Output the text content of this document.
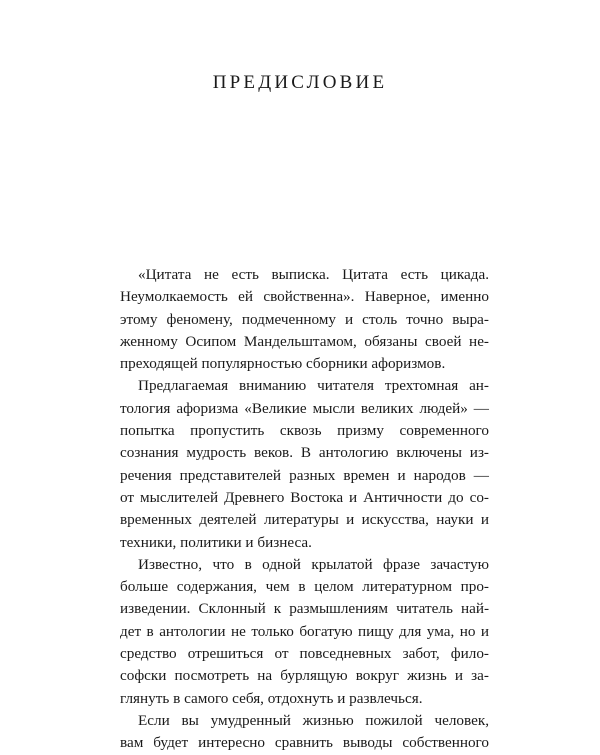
ПРЕДИСЛОВИЕ
«Цитата не есть выписка. Цитата есть цикада.
Неумолкаемость ей свойственна». Наверное, именно
этому феномену, подмеченному и столь точно выра-
женному Осипом Мандельштамом, обязаны своей не-
преходящей популярностью сборники афоризмов.
Предлагаемая вниманию читателя трехтомная ан-
тология афоризма «Великие мысли великих людей» —
попытка пропустить сквозь призму современного
сознания мудрость веков. В антологию включены из-
речения представителей разных времен и народов —
от мыслителей Древнего Востока и Античности до со-
временных деятелей литературы и искусства, науки и
техники, политики и бизнеса.
Известно, что в одной крылатой фразе зачастую
больше содержания, чем в целом литературном про-
изведении. Склонный к размышлениям читатель най-
дет в антологии не только богатую пищу для ума, но и
средство отрешиться от повседневных забот, фило-
софски посмотреть на бурлящую вокруг жизнь и за-
глянуть в самого себя, отдохнуть и развлечься.
Если вы умудренный жизнью пожилой человек,
вам будет интересно сравнить выводы собственного
